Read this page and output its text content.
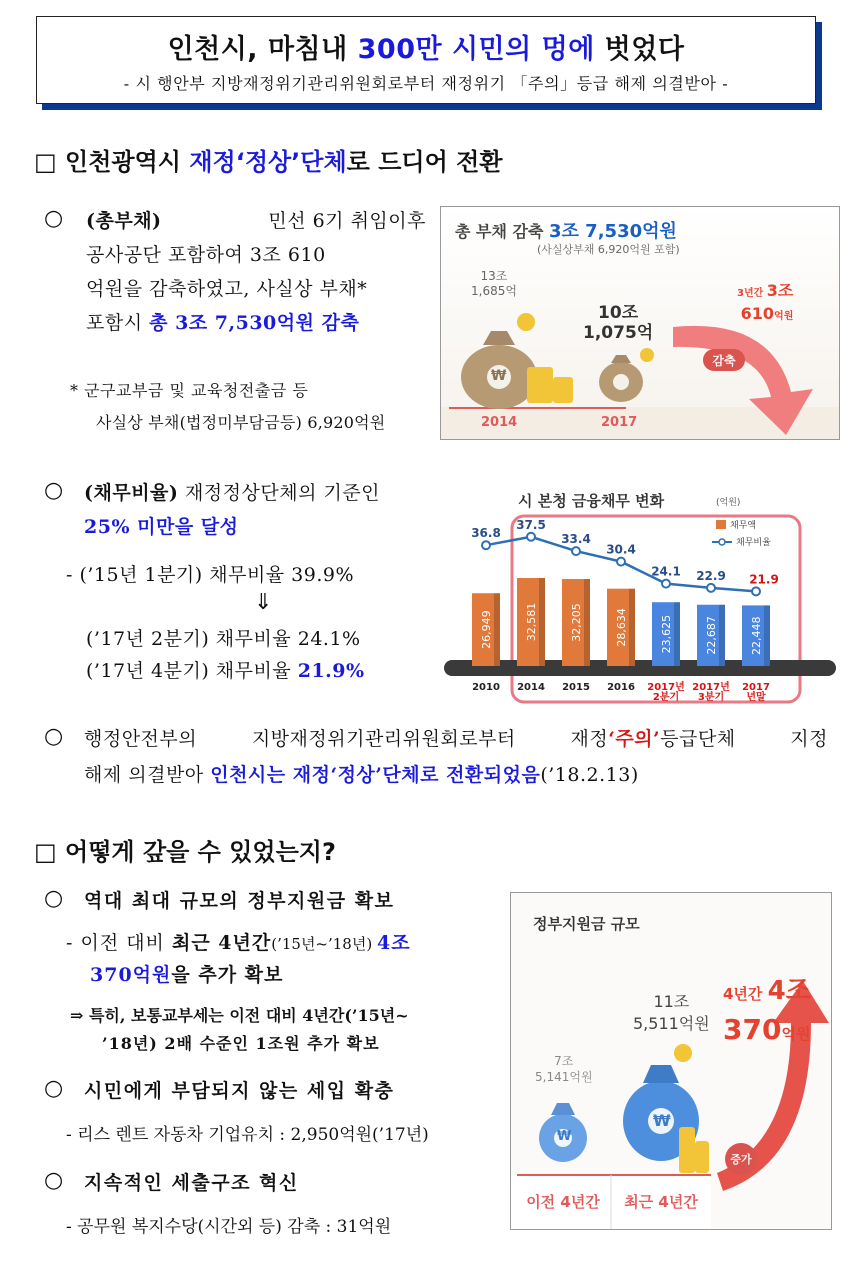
인천시, 마침내 300만 시민의 멍에 벗었다
- 시 행안부 지방재정위기관리위원회로부터 재정위기 「주의」등급 해제 의결받아 -
□ 인천광역시 재정‘정상’단체로 드디어 전환
○ (총부채)	민선 6기 취임이후
공사공단 포함하여 3조 610
억원을 감축하였고, 사실상 부채*
포함시 총 3조 7,530억원 감축
* 군구교부금 및 교육청전출금 등
사실상 부채(법정미부담금등) 6,920억원
총 부채 감축 3조 7,530억원
(사실상부채 6,920억원 포함)
13조
1,685억
10조
1,075억
2014	2017
3년간 3조
610억원
감축
₩
○ (채무비율) 재정정상단체의 기준인
25% 미만을 달성
- (’15년 1분기) 채무비율 39.9%
⇓
(’17년 2분기) 채무비율 24.1%
(’17년 4분기) 채무비율 21.9%
시 본청 금융채무 변화	(억원)
채무액
채무비율
26,949
2010
32,581
2014
32,205
2015
28,634
2016
23,625
2017년
2분기
22,687
2017년
3분기
22,448
2017
년말
36.8
37.5
33.4
30.4
24.1 22.9 21.9
○ 행정안전부의 지방재정위기관리위원회로부터 재정‘주의’등급단체 지정
해제 의결받아 인천시는 재정‘정상’단체로 전환되었음(’18.2.13)
□ 어떻게 갚을 수 있었는지?
○ 역대 최대 규모의 정부지원금 확보
- 이전 대비 최근 4년간(’15년~’18년) 4조
370억원을 추가 확보
⇒ 특히, 보통교부세는 이전 대비 4년간(’15년~
’18년) 2배 수준인 1조원 추가 확보
○ 시민에게 부담되지 않는 세입 확충
- 리스 렌트 자동차 기업유치 : 2,950억원(’17년)
○ 지속적인 세출구조 혁신
- 공무원 복지수당(시간외 등) 감축 : 31억원
정부지원금 규모
7조
5,141억원
11조
5,511억원
4년간 4조
370억원
증가
이전 4년간	최근 4년간
₩
₩
